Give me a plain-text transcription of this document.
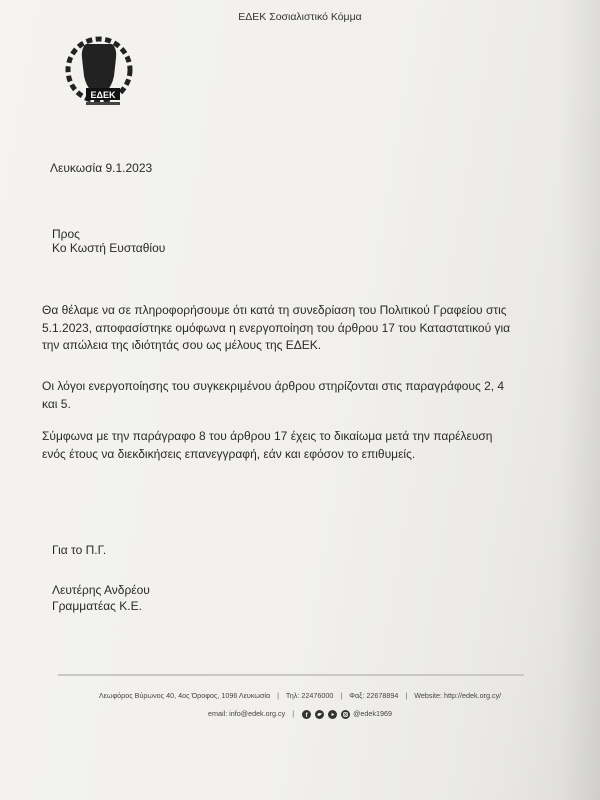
ΕΔΕΚ Σοσιαλιστικό Κόμμα
ΕΔΕΚ
Λευκωσία 9.1.2023
Προς
Κο Κωστή Ευσταθίου
Θα θέλαμε να σε πληροφορήσουμε ότι κατά τη συνεδρίαση του Πολιτικού Γραφείου στις
5.1.2023, αποφασίστηκε ομόφωνα η ενεργοποίηση του άρθρου 17 του Καταστατικού για
την απώλεια της ιδιότητάς σου ως μέλους της ΕΔΕΚ.
Οι λόγοι ενεργοποίησης του συγκεκριμένου άρθρου στηρίζονται στις παραγράφους 2, 4
και 5.
Σύμφωνα με την παράγραφο 8 του άρθρου 17 έχεις το δικαίωμα μετά την παρέλευση
ενός έτους να διεκδικήσεις επανεγγραφή, εάν και εφόσον το επιθυμείς.
Για το Π.Γ.
Λευτέρης Ανδρέου
Γραμματέας Κ.Ε.
Λεωφόρος Βύρωνος 40, 4ος Όροφος, 1096 Λευκωσία | Τηλ: 22476000 | Φαξ: 22678894 | Website: http://edek.org.cy/
email: info@edek.org.cy | f	@edek1969
